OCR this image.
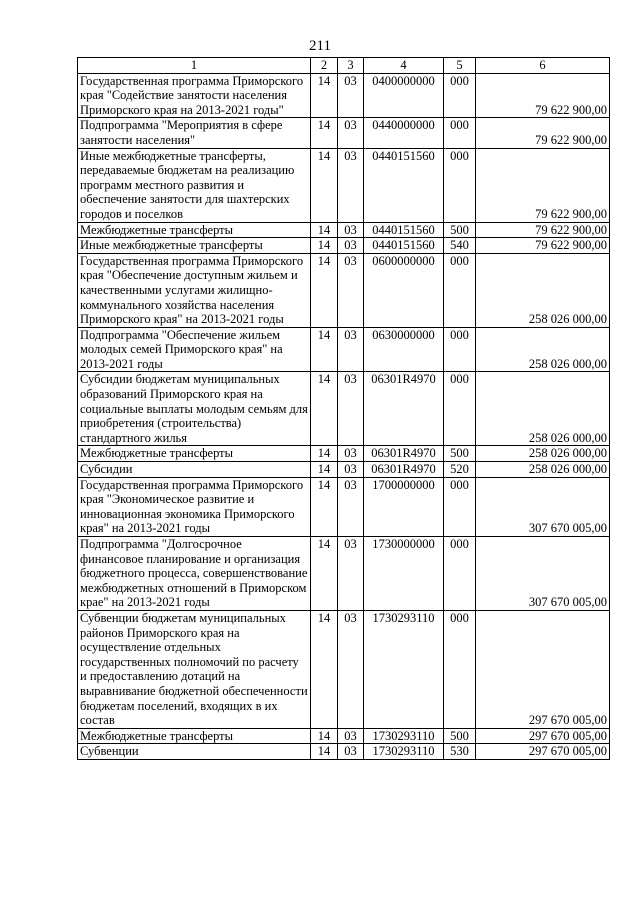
211
1	2	3	4	5	6
Государственная программа Приморского края "Содействие занятости населения Приморского края на 2013-2021 годы"	14	03	0400000000	000	79 622 900,00
Подпрограмма "Мероприятия в сфере занятости населения"	14	03	0440000000	000	79 622 900,00
Иные межбюджетные трансферты, передаваемые бюджетам на реализацию программ местного развития и обеспечение занятости для шахтерских городов и поселков	14	03	0440151560	000	79 622 900,00
Межбюджетные трансферты	14	03	0440151560	500	79 622 900,00
Иные межбюджетные трансферты	14	03	0440151560	540	79 622 900,00
Государственная программа Приморского края "Обеспечение доступным жильем и качественными услугами жилищно-коммунального хозяйства населения Приморского края" на 2013-2021 годы	14	03	0600000000	000	258 026 000,00
Подпрограмма "Обеспечение жильем молодых семей Приморского края" на 2013-2021 годы	14	03	0630000000	000	258 026 000,00
Субсидии бюджетам муниципальных образований Приморского края на социальные выплаты молодым семьям для приобретения (строительства) стандартного жилья	14	03	06301R4970	000	258 026 000,00
Межбюджетные трансферты	14	03	06301R4970	500	258 026 000,00
Субсидии	14	03	06301R4970	520	258 026 000,00
Государственная программа Приморского края "Экономическое развитие и инновационная экономика Приморского края" на 2013-2021 годы	14	03	1700000000	000	307 670 005,00
Подпрограмма "Долгосрочное финансовое планирование и организация бюджетного процесса, совершенствование межбюджетных отношений в Приморском крае" на 2013-2021 годы	14	03	1730000000	000	307 670 005,00
Субвенции бюджетам муниципальных районов Приморского края на осуществление отдельных государственных полномочий по расчету и предоставлению дотаций на выравнивание бюджетной обеспеченности бюджетам поселений, входящих в их состав	14	03	1730293110	000	297 670 005,00
Межбюджетные трансферты	14	03	1730293110	500	297 670 005,00
Субвенции	14	03	1730293110	530	297 670 005,00
